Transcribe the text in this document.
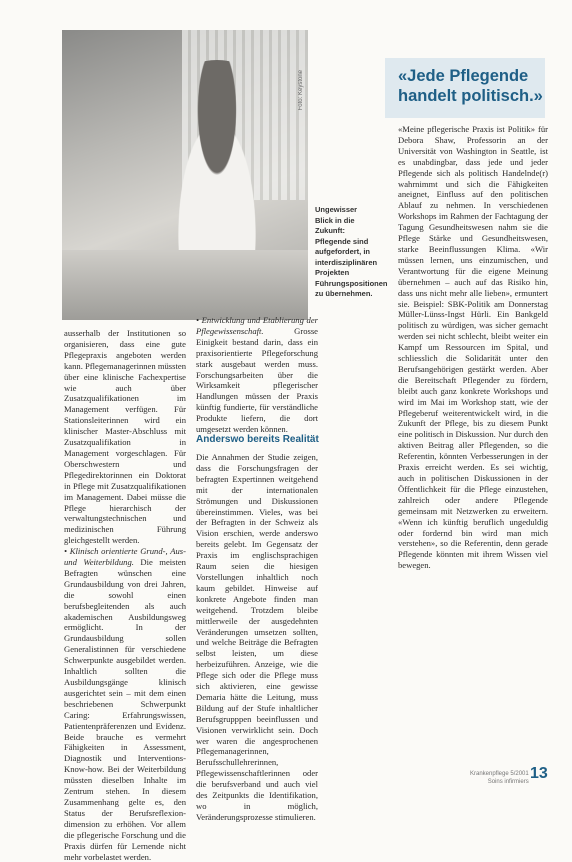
Foto: Keystone
Ungewisser Blick in die Zukunft: Pflegende sind aufgefordert, in interdisziplinären Projekten Führungspositionen zu übernehmen.
«Jede Pflegende handelt politisch.»

ausserhalb der Institutionen so organisieren, dass eine gute Pflegepraxis angeboten werden kann. Pflegemanagerinnen müssten über eine klinische Fachexpertise wie auch über Zusatzqualifikationen im Management verfügen. Für Stationsleiterinnen wird ein klinischer Master-Abschluss mit Zusatzqualifikation in Management vorgeschlagen. Für Oberschwestern und Pflegedirektorinnen ein Doktorat in Pflege mit Zusatzqualifikationen im Management. Dabei müsse die Pflege hierarchisch der verwaltungstechnischen und medizinischen Führung gleichgestellt werden.

• Klinisch orientierte Grund-, Aus- und Weiterbildung. Die meisten Befragten wünschen eine Grundausbildung von drei Jahren, die sowohl einen berufsbegleitenden als auch akademischen Ausbildungsweg ermöglicht. In der Grundausbildung sollen Generalistinnen für verschiedene Schwerpunkte ausgebildet werden. Inhaltlich sollten die Ausbildungsgänge klinisch ausgerichtet sein – mit dem einen beschriebenen Schwerpunkt Caring: Erfahrungswissen, Patientenpräferenzen und Evidenz. Beide brauche es vermehrt Fähigkeiten in Assessment, Diagnostik und Interventions-Know-how. Bei der Weiterbildung müssten dieselben Inhalte im Zentrum stehen. In diesem Zusammenhang gelte es, den Status der Berufsreflexion-dimension zu erhöhen. Vor allem die pflegerische Forschung und die Praxis dürfen für Lernende nicht mehr vorbelastet werden.

• Entwicklung und Etablierung der Pflegewissenschaft.	Grosse Einigkeit bestand darin, dass ein praxisorientierte Pflegeforschung stark ausgebaut werden muss. Forschungsarbeiten über die Wirksamkeit pflegerischer Handlungen müssen der Praxis künftig fundierte, für verständliche Produkte liefern, die dort umgesetzt werden können.

Anderswo bereits Realität

Die Annahmen der Studie zeigen, dass die Forschungsfragen der befragten Expertinnen weitgehend mit der internationalen Strömungen und Diskussionen übereinstimmen. Vieles, was bei der Befragten in der Schweiz als Vision erschien, werde anderswo bereits gelebt. Im Gegensatz der Praxis im englischsprachigen Raum seien die hiesigen Vorstellungen inhaltlich noch kaum gebildet. Hinweise auf konkrete Angebote finden man weitgehend. Trotzdem bleibe mittlerweile der ausgedehnten Veränderungen umsetzen sollten, und welche Beiträge die Befragten selbst leisten, um diese herbeizuführen. Anzeige, wie die Pflege sich oder die Pflege muss sich aktivieren, eine gewisse Demaria hätte die Leitung, muss Bildung auf der Stufe inhaltlicher Berufsgrupppen beeinflussen und Visionen verwirklicht sein. Doch wer waren die angesprochenen Pflegemanagerinnen, Berufsschullehrerinnen, Pflegewissenschaftlerinnen oder die berufsverband und auch viel des Zeitpunkts die Identifikation, wo in möglich, Veränderungsprozesse stimulieren.

«Meine pflegerische Praxis ist Politik» für Debora Shaw, Professorin an der Universität von Washington in Seattle, ist es unabdingbar, dass jede und jeder Pflegende sich als politisch Handelnde(r) wahrnimmt und sich die Fähigkeiten aneignet, Einfluss auf den politischen Ablauf zu nehmen. In verschiedenen Workshops im Rahmen der Fachtagung der Tagung Gesundheitswesen nahm sie die Pflege Stärke und Gesundheitswesen, starke Beeinflussungen Klima. «Wir müssen lernen, uns einzumischen, und Verantwortung für die eigene Meinung übernehmen – auch auf das Risiko hin, dass uns nicht mehr alle lieben», ermuntert sie. Beispiel: SBK-Politik am Donnerstag Müller-Lünss-Ingst Hürli. Ein Bankgeld politisch zu würdigen, was sicher gemacht werden sei nicht schlecht, bleibt weiter ein Kampf um Ressourcen im Spital, und schliesslich die Solidarität unter den Berufsangehörigen gestärkt werden. Aber die Bereitschaft Pflegender zu fördern, bleibt auch ganz konkrete Workshops und wird im Mai im Workshop statt, wie der Pflegeberuf weiterentwickelt wird, in die Zukunft der Pflege, bis zu diesem Punkt eine politisch in Diskussion. Nur durch den aktiven Beitrag aller Pflegenden, so die Referentin, könnten Verbesserungen in der Praxis erreicht werden. Es sei wichtig, auch in politischen Diskussionen in der Öffentlichkeit für die Pflege einzustehen, zahlreich oder andere Pflegende gemeinsam mit Netzwerken zu erweitern. «Wenn ich künftig beruflich ungeduldig oder fordernd bin wird man mich verstehen», so die Referentin, denn gerade Pflegende könnten mit ihrem Wissen viel bewegen.

Krankenpflege 5/2001
Soins infirmiers 13
